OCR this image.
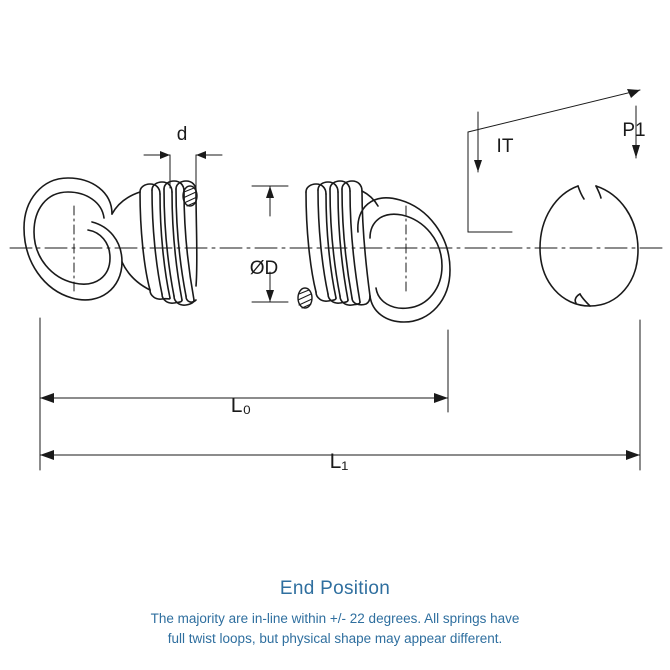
d
ØD
IT
P1
L₀
L₁
End Position
The majority are in-line within +/- 22 degrees. All springs have
full twist loops, but physical shape may appear different.
